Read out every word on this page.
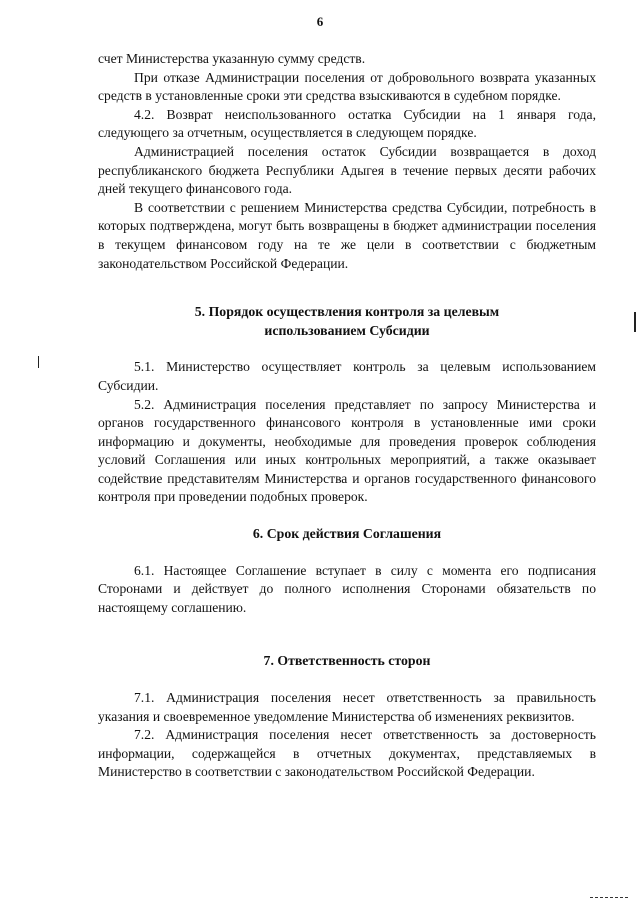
6

счет Министерства указанную сумму средств.

При отказе Администрации поселения от добровольного возврата указанных средств в установленные сроки эти средства взыскиваются в судебном порядке.

4.2. Возврат неиспользованного остатка Субсидии на 1 января года, следующего за отчетным, осуществляется в следующем порядке.

Администрацией поселения остаток Субсидии возвращается в доход республиканского бюджета Республики Адыгея в течение первых десяти рабочих дней текущего финансового года.

В соответствии с решением Министерства средства Субсидии, потребность в которых подтверждена, могут быть возвращены в бюджет администрации поселения в текущем финансовом году на те же цели в соответствии с бюджетным законодательством Российской Федерации.

5. Порядок осуществления контроля за целевым использованием Субсидии

5.1. Министерство осуществляет контроль за целевым использованием Субсидии.

5.2. Администрация поселения представляет по запросу Министерства и органов государственного финансового контроля в установленные ими сроки информацию и документы, необходимые для проведения проверок соблюдения условий Соглашения или иных контрольных мероприятий, а также оказывает содействие представителям Министерства и органов государственного финансового контроля при проведении подобных проверок.

6. Срок действия Соглашения

6.1. Настоящее Соглашение вступает в силу с момента его подписания Сторонами и действует до полного исполнения Сторонами обязательств по настоящему соглашению.

7. Ответственность сторон

7.1. Администрация поселения несет ответственность за правильность указания и своевременное уведомление Министерства об изменениях реквизитов.

7.2. Администрация поселения несет ответственность за достоверность информации, содержащейся в отчетных документах, представляемых в Министерство в соответствии с законодательством Российской Федерации.
